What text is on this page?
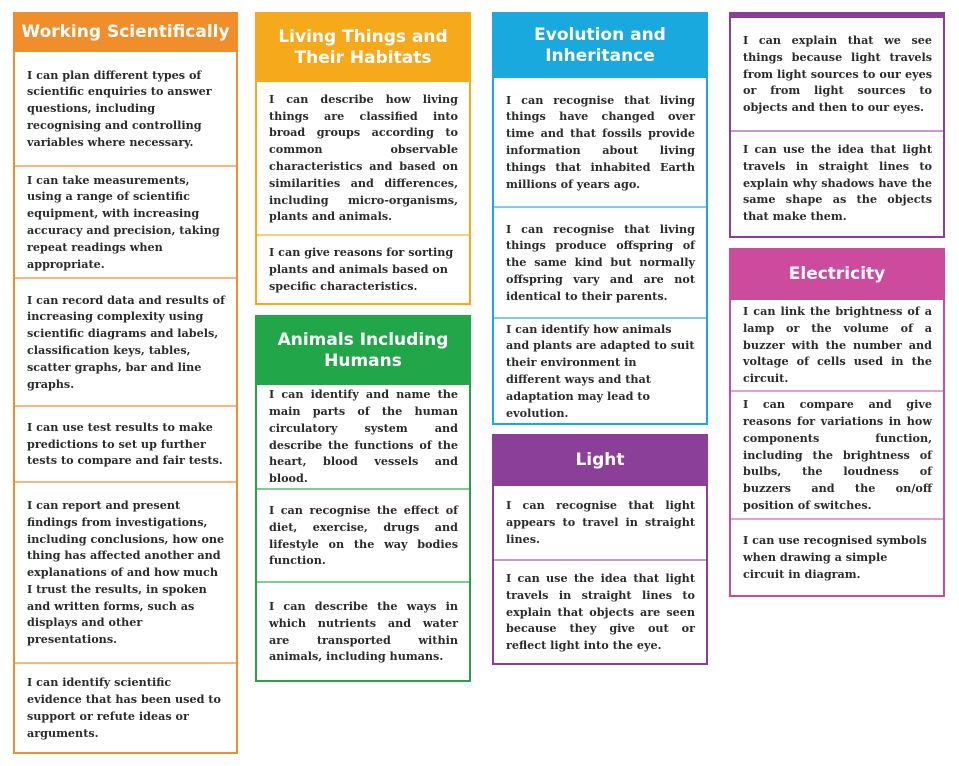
Working Scientifically
I can plan different types of scientific enquiries to answer questions, including recognising and controlling variables where necessary.
I can take measurements, using a range of scientific equipment, with increasing accuracy and precision, taking repeat readings when appropriate.
I can record data and results of increasing complexity using scientific diagrams and labels, classification keys, tables, scatter graphs, bar and line graphs.
I can use test results to make predictions to set up further tests to compare and fair tests.
I can report and present findings from investigations, including conclusions, how one thing has affected another and explanations of and how much I trust the results, in spoken and written forms, such as displays and other presentations.
I can identify scientific evidence that has been used to support or refute ideas or arguments.
Living Things and Their Habitats
I can describe how living things are classified into broad groups according to common observable characteristics and based on similarities and differences, including micro-organisms, plants and animals.
I can give reasons for sorting plants and animals based on specific characteristics.
Animals Including Humans
I can identify and name the main parts of the human circulatory system and describe the functions of the heart, blood vessels and blood.
I can recognise the effect of diet, exercise, drugs and lifestyle on the way bodies function.
I can describe the ways in which nutrients and water are transported within animals, including humans.
Evolution and Inheritance
I can recognise that living things have changed over time and that fossils provide information about living things that inhabited Earth millions of years ago.
I can recognise that living things produce offspring of the same kind but normally offspring vary and are not identical to their parents.
I can identify how animals and plants are adapted to suit their environment in different ways and that adaptation may lead to evolution.
Light
I can recognise that light appears to travel in straight lines.
I can use the idea that light travels in straight lines to explain that objects are seen because they give out or reflect light into the eye.
I can explain that we see things because light travels from light sources to our eyes or from light sources to objects and then to our eyes.
I can use the idea that light travels in straight lines to explain why shadows have the same shape as the objects that make them.
Electricity
I can link the brightness of a lamp or the volume of a buzzer with the number and voltage of cells used in the circuit.
I can compare and give reasons for variations in how components function, including the brightness of bulbs, the loudness of buzzers and the on/off position of switches.
I can use recognised symbols when drawing a simple circuit in diagram.
